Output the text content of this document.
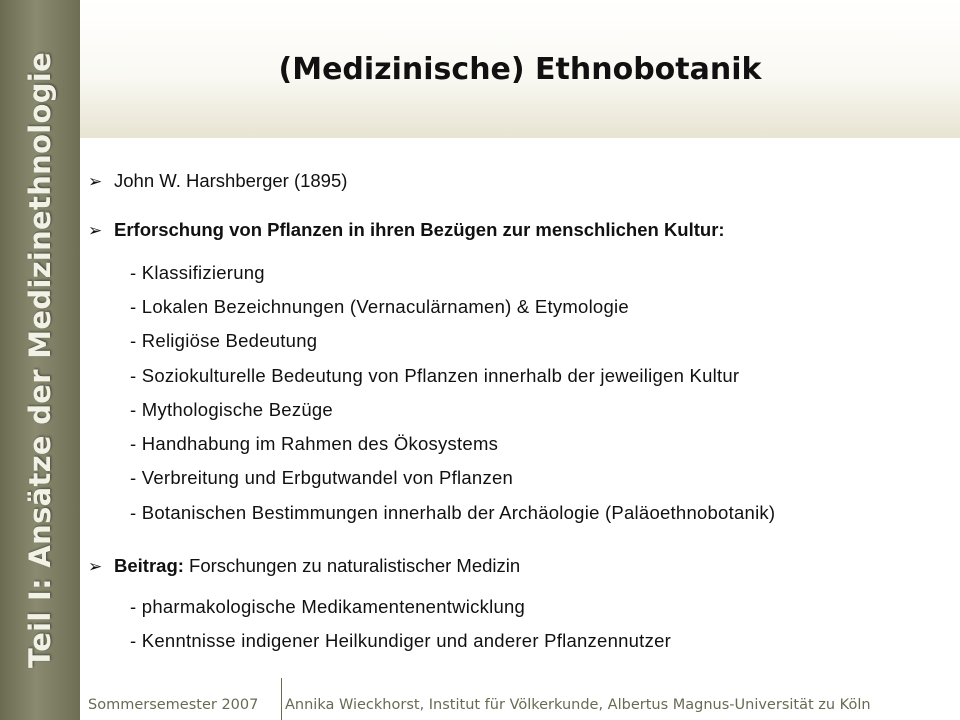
Teil I: Ansätze der Medizinethnologie	(Medizinische) Ethnobotanik
➢ John W. Harshberger (1895)
➢ Erforschung von Pflanzen in ihren Bezügen zur menschlichen Kultur:
- Klassifizierung
- Lokalen Bezeichnungen (Vernaculärnamen) & Etymologie
- Religiöse Bedeutung
- Soziokulturelle Bedeutung von Pflanzen innerhalb der jeweiligen Kultur
- Mythologische Bezüge
- Handhabung im Rahmen des Ökosystems
- Verbreitung und Erbgutwandel von Pflanzen
- Botanischen Bestimmungen innerhalb der Archäologie (Paläoethnobotanik)
➢ Beitrag: Forschungen zu naturalistischer Medizin
- pharmakologische Medikamentenentwicklung
- Kenntnisse indigener Heilkundiger und anderer Pflanzennutzer
Sommersemester 2007 Annika Wieckhorst, Institut für Völkerkunde, Albertus Magnus-Universität zu Köln
